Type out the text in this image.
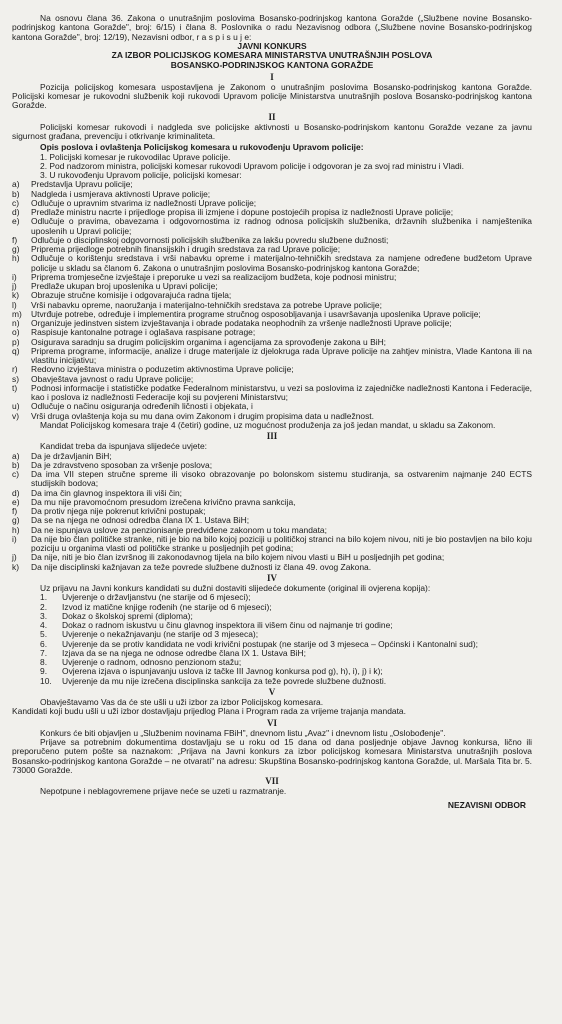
Na osnovu člana 36. Zakona o unutrašnjim poslovima Bosansko-podrinjskog kantona Goražde („Službene novine Bosansko-podrinjskog kantona Goražde", broj: 6/15) i člana 8. Poslovnika o radu Nezavisnog odbora („Službene novine Bosansko-podrinjskog kantona Goražde", broj: 12/19), Nezavisni odbor, r a s p i s u j e:

JAVNI KONKURS
ZA IZBOR POLICIJSKOG KOMESARA MINISTARSTVA UNUTRAŠNJIH POSLOVA
BOSANSKO-PODRINJSKOG KANTONA GORAŽDE
I

Pozicija policijskog komesara uspostavljena je Zakonom o unutrašnjim poslovima Bosansko-podrinjskog kantona Goražde. Policijski komesar je rukovodni službenik koji rukovodi Upravom policije Ministarstva unutrašnjih poslova Bosansko-podrinjskog kantona Goražde.

II

Policijski komesar rukovodi i nadgleda sve policijske aktivnosti u Bosansko-podrinjskom kantonu Goražde vezane za javnu sigurnost građana, prevenciju i otkrivanje kriminaliteta.

Opis poslova i ovlaštenja Policijskog komesara u rukovođenju Upravom policije:

1. Policijski komesar je rukovodilac Uprave policije.

2. Pod nadzorom ministra, policijski komesar rukovodi Upravom policije i odgovoran je za svoj rad ministru i Vladi.

3. U rukovođenju Upravom policije, policijski komesar:

a)	Predstavlja Upravu policije;
b)	Nadgleda i usmjerava aktivnosti Uprave policije;
c)	Odlučuje o upravnim stvarima iz nadležnosti Uprave policije;
d)	Predlaže ministru nacrte i prijedloge propisa ili izmjene i dopune postojećih propisa iz nadležnosti Uprave policije;
e)	Odlučuje o pravima, obavezama i odgovornostima iz radnog odnosa policijskih službenika, državnih službenika i namještenika uposlenih u Upravi policije;
f)	Odlučuje o disciplinskoj odgovornosti policijskih službenika za lakšu povredu službene dužnosti;
g)	Priprema prijedloge potrebnih finansijskih i drugih sredstava za rad Uprave policije;
h)	Odlučuje o korištenju sredstava i vrši nabavku opreme i materijalno-tehničkih sredstava za namjene određene budžetom Uprave policije u skladu sa članom 6. Zakona o unutrašnjim poslovima Bosansko-podrinjskog kantona Goražde;
i)	Priprema tromjesečne izvještaje i preporuke u vezi sa realizacijom budžeta, koje podnosi ministru;
j)	Predlaže ukupan broj uposlenika u Upravi policije;
k)	Obrazuje stručne komisije i odgovarajuća radna tijela;
l)	Vrši nabavku opreme, naoružanja i materijalno-tehničkih sredstava za potrebe Uprave policije;
m)	Utvrđuje potrebe, određuje i implementira programe stručnog osposobljavanja i usavršavanja uposlenika Uprave policije;
n)	Organizuje jedinstven sistem izvještavanja i obrade podataka neophodnih za vršenje nadležnosti Uprave policije;
o)	Raspisuje kantonalne potrage i oglašava raspisane potrage;
p)	Osigurava saradnju sa drugim policijskim organima i agencijama za sprovođenje zakona u BiH;
q)	Priprema programe, informacije, analize i druge materijale iz djelokruga rada Uprave policije na zahtjev ministra, Vlade Kantona ili na vlastitu inicijativu;
r)	Redovno izvještava ministra o poduzetim aktivnostima Uprave policije;
s)	Obavještava javnost o radu Uprave policije;
t)	Podnosi informacije i statističke podatke Federalnom ministarstvu, u vezi sa poslovima iz zajedničke nadležnosti Kantona i Federacije, kao i poslova iz nadležnosti Federacije koji su povjereni Ministarstvu;
u)	Odlučuje o načinu osiguranja određenih ličnosti i objekata, i
v)	Vrši druga ovlaštenja koja su mu dana ovim Zakonom i drugim propisima data u nadležnost.

Mandat Policijskog komesara traje 4 (četiri) godine, uz mogućnost produženja za još jedan mandat, u skladu sa Zakonom.

III

Kandidat treba da ispunjava slijedeće uvjete:

a)	Da je državljanin BiH;
b)	Da je zdravstveno sposoban za vršenje poslova;
c)	Da ima VII stepen stručne spreme ili visoko obrazovanje po bolonskom sistemu studiranja, sa ostvarenim najmanje 240 ECTS studijskih bodova;
d)	Da ima čin glavnog inspektora ili viši čin;
e)	Da mu nije pravomoćnom presudom izrečena krivično pravna sankcija,
f)	Da protiv njega nije pokrenut krivični postupak;
g)	Da se na njega ne odnosi odredba člana IX 1. Ustava BiH;
h)	Da ne ispunjava uslove za penzionisanje predviđene zakonom u toku mandata;
i)	Da nije bio član političke stranke, niti je bio na bilo kojoj poziciji u političkoj stranci na bilo kojem nivou, niti je bio postavljen na bilo koju poziciju u organima vlasti od političke stranke u posljednjih pet godina;
j)	Da nije, niti je bio član izvršnog ili zakonodavnog tijela na bilo kojem nivou vlasti u BiH u posljednjih pet godina;
k)	Da nije disciplinski kažnjavan za teže povrede službene dužnosti iz člana 49. ovog Zakona.
IV

Uz prijavu na Javni konkurs kandidati su dužni dostaviti slijedeće dokumente (original ili ovjerena kopija):

1.	Uvjerenje o državljanstvu (ne starije od 6 mjeseci);
2.	Izvod iz matične knjige rođenih (ne starije od 6 mjeseci);
3.	Dokaz o školskoj spremi (diploma);
4.	Dokaz o radnom iskustvu u činu glavnog inspektora ili višem činu od najmanje tri godine;
5.	Uvjerenje o nekažnjavanju (ne starije od 3 mjeseca);
6.	Uvjerenje da se protiv kandidata ne vodi krivični postupak (ne starije od 3 mjeseca – Općinski i Kantonalni sud);
7.	Izjava da se na njega ne odnose odredbe člana IX 1. Ustava BiH;
8.	Uvjerenje o radnom, odnosno penzionom stažu;
9.	Ovjerena izjava o ispunjavanju uslova iz tačke III Javnog konkursa pod g), h), i), j) i k);
10.	Uvjerenje da mu nije izrečena disciplinska sankcija za teže povrede službene dužnosti.
V

Obavještavamo Vas da će ste ušli u uži izbor za izbor Policijskog komesara.

Kandidati koji budu ušli u uži izbor dostavljaju prijedlog Plana i Program rada za vrijeme trajanja mandata.

VI

Konkurs će biti objavljen u „Službenim novinama FBiH", dnevnom listu „Avaz" i dnevnom listu „Oslobođenje".

Prijave sa potrebnim dokumentima dostavljaju se u roku od 15 dana od dana posljednje objave Javnog konkursa, lično ili preporučeno putem pošte sa naznakom: „Prijava na Javni konkurs za izbor policijskog komesara Ministarstva unutrašnjih poslova Bosansko-podrinjskog kantona Goražde – ne otvarati" na adresu: Skupština Bosansko-podrinjskog kantona Goražde, ul. Maršala Tita br. 5. 73000 Goražde.

VII

Nepotpune i neblagovremene prijave neće se uzeti u razmatranje.

NEZAVISNI ODBOR
